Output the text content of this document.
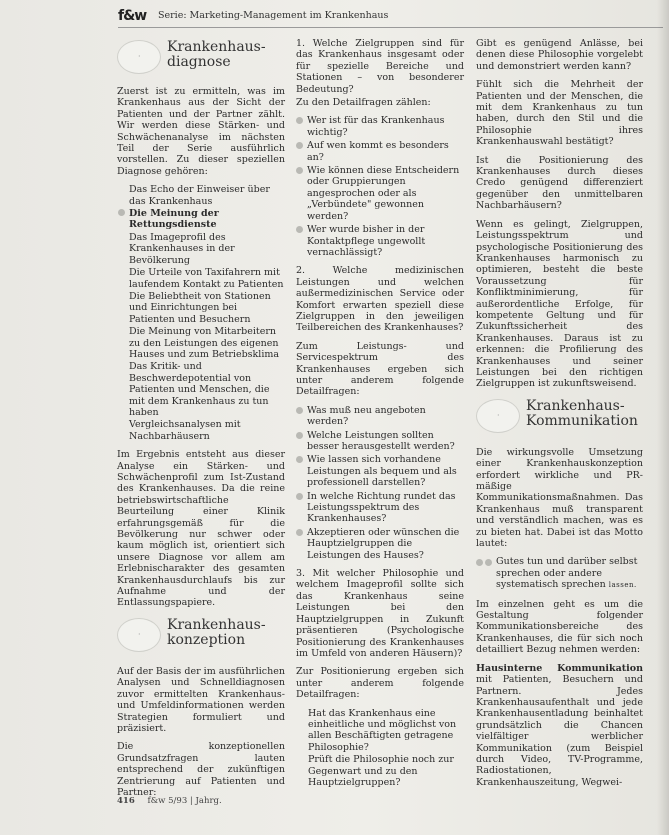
f&w Serie: Marketing-Management im Krankenhaus
·
Krankenhaus-diagnose

Zuerst ist zu ermitteln, was im Krankenhaus aus der Sicht der Patienten und der Partner zählt. Wir werden diese Stärken- und Schwächenanalyse im nächsten Teil der Serie ausführlich vorstellen. Zu dieser speziellen Diagnose gehören:

Das Echo der Einweiser über das Krankenhaus
Die Meinung der Rettungsdienste
Das Imageprofil des Krankenhauses in der Bevölkerung
Die Urteile von Taxifahrern mit laufendem Kontakt zu Patienten
Die Beliebtheit von Stationen und Einrichtungen bei Patienten und Besuchern
Die Meinung von Mitarbeitern zu den Leistungen des eigenen Hauses und zum Betriebsklima
Das Kritik- und Beschwerdepotential von Patienten und Menschen, die mit dem Krankenhaus zu tun haben
Vergleichsanalysen mit Nachbarhäusern

Im Ergebnis entsteht aus dieser Analyse ein Stärken- und Schwächenprofil zum Ist-Zustand des Krankenhauses. Da die reine betriebswirtschaftliche Beurteilung einer Klinik erfahrungsgemäß für die Bevölkerung nur schwer oder kaum möglich ist, orientiert sich unsere Diagnose vor allem am Erlebnischarakter des gesamten Krankenhausdurchlaufs bis zur Aufnahme und der Entlassungspapiere.

·
Krankenhaus-konzeption

Auf der Basis der im ausführlichen Analysen und Schnelldiagnosen zuvor ermittelten Krankenhaus- und Umfeldinformationen werden Strategien formuliert und präzisiert.

Die konzeptionellen Grundsatzfragen lauten entsprechend der zukünftigen Zentrierung auf Patienten und Partner:

1. Welche Zielgruppen sind für das Krankenhaus insgesamt oder für spezielle Bereiche und Stationen – von besonderer Bedeutung?

Zu den Detailfragen zählen:

Wer ist für das Krankenhaus wichtig?
Auf wen kommt es besonders an?
Wie können diese Entscheidern oder Gruppierungen angesprochen oder als „Verbündete" gewonnen werden?
Wer wurde bisher in der Kontaktpflege ungewollt vernachlässigt?

2. Welche medizinischen Leistungen und welchen außermedizinischen Service oder Komfort erwarten speziell diese Zielgruppen in den jeweiligen Teilbereichen des Krankenhauses?

Zum Leistungs- und Servicespektrum des Krankenhauses ergeben sich unter anderem folgende Detailfragen:

Was muß neu angeboten werden?
Welche Leistungen sollten besser herausgestellt werden?
Wie lassen sich vorhandene Leistungen als bequem und als professionell darstellen?
In welche Richtung rundet das Leistungsspektrum des Krankenhauses?
Akzeptieren oder wünschen die Hauptzielgruppen die Leistungen des Hauses?

3. Mit welcher Philosophie und welchem Imageprofil sollte sich das Krankenhaus seine Leistungen bei den Hauptzielgruppen in Zukunft präsentieren (Psychologische Positionierung des Krankenhauses im Umfeld von anderen Häusern)?

Zur Positionierung ergeben sich unter anderem folgende Detailfragen:

Hat das Krankenhaus eine einheitliche und möglichst von allen Beschäftigten getragene Philosophie?
Prüft die Philosophie noch zur Gegenwart und zu den Hauptzielgruppen?

Gibt es genügend Anlässe, bei denen diese Philosophie vorgelebt und demonstriert werden kann?

Fühlt sich die Mehrheit der Patienten und der Menschen, die mit dem Krankenhaus zu tun haben, durch den Stil und die Philosophie ihres Krankenhauswahl bestätigt?

Ist die Positionierung des Krankenhauses durch dieses Credo genügend differenziert gegenüber den unmittelbaren Nachbarhäusern?

Wenn es gelingt, Zielgruppen, Leistungsspektrum und psychologische Positionierung des Krankenhauses harmonisch zu optimieren, besteht die beste Voraussetzung für Konfliktminimierung, für außerordentliche Erfolge, für kompetente Geltung und für Zukunftssicherheit des Krankenhauses. Daraus ist zu erkennen: die Profilierung des Krankenhauses und seiner Leistungen bei den richtigen Zielgruppen ist zukunftsweisend.

·
Krankenhaus-Kommunikation

Die wirkungsvolle Umsetzung einer Krankenhauskonzeption erfordert wirkliche und PR-mäßige Kommunikationsmaßnahmen. Das Krankenhaus muß transparent und verständlich machen, was es zu bieten hat. Dabei ist das Motto lautet:

Gutes tun und darüber selbst sprechen oder andere systematisch sprechen lassen.

Im einzelnen geht es um die Gestaltung folgender Kommunikationsbereiche des Krankenhauses, die für sich noch detailliert Bezug nehmen werden:

Hausinterne Kommunikation mit Patienten, Besuchern und Partnern. Jedes Krankenhausaufenthalt und jede Krankenhausentladung beinhaltet grundsätzlich die Chancen vielfältiger werblicher Kommunikation (zum Beispiel durch Video, TV-Programme, Radiostationen, Krankenhauszeitung, Wegwei-

416 f&w 5/93 | Jahrg.
